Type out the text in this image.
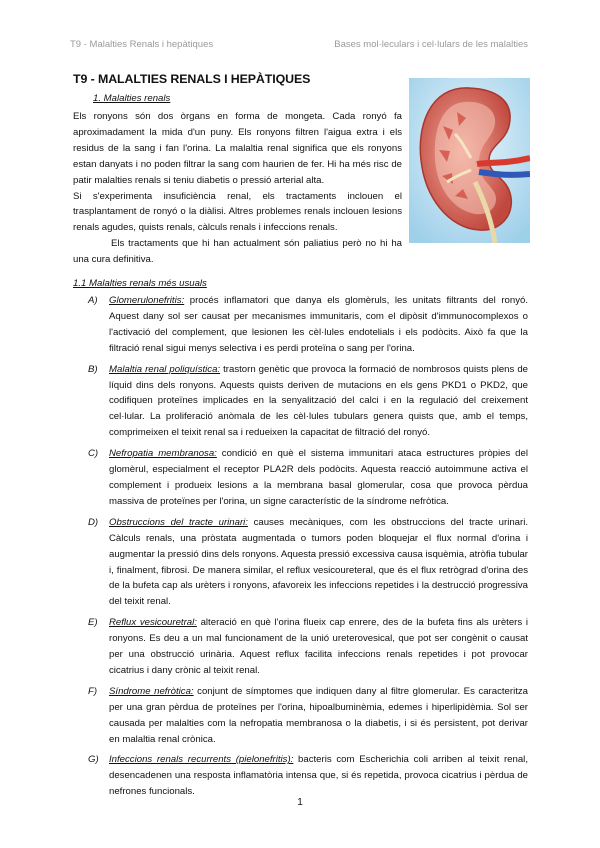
T9 - Malalties Renals i hepàtiques	Bases mol·leculars i cel·lulars de les malalties
T9 - MALALTIES RENALS I HEPÀTIQUES
1. Malalties renals

Els ronyons són dos òrgans en forma de mongeta. Cada ronyó fa aproximadament la mida d'un puny. Els ronyons filtren l'aigua extra i els residus de la sang i fan l'orina. La malaltia renal significa que els ronyons estan danyats i no poden filtrar la sang com haurien de fer. Hi ha més risc de patir malalties renals si teniu diabetis o pressió arterial alta.

Si s'experimenta insuficiència renal, els tractaments inclouen el trasplantament de ronyó o la diàlisi. Altres problemes renals inclouen lesions renals agudes, quists renals, càlculs renals i infeccions renals.

Els tractaments que hi han actualment són paliatius però no hi ha una cura definitiva.

1.1 Malalties renals més usuals
A) Glomerulonefritis: procés inflamatori que danya els glomèruls, les unitats filtrants del ronyó. Aquest dany sol ser causat per mecanismes immunitaris, com el dipòsit d'immunocomplexos o l'activació del complement, que lesionen les cèl·lules endotelials i els podòcits. Això fa que la filtració renal sigui menys selectiva i es perdi proteïna o sang per l'orina.
B) Malaltia renal poliquística: trastorn genètic que provoca la formació de nombrosos quists plens de líquid dins dels ronyons. Aquests quists deriven de mutacions en els gens PKD1 o PKD2, que codifiquen proteïnes implicades en la senyalització del calci i en la regulació del creixement cel·lular. La proliferació anòmala de les cèl·lules tubulars genera quists que, amb el temps, comprimeixen el teixit renal sa i redueixen la capacitat de filtració del ronyó.
C) Nefropatia membranosa: condició en què el sistema immunitari ataca estructures pròpies del glomèrul, especialment el receptor PLA2R dels podòcits. Aquesta reacció autoimmune activa el complement i produeix lesions a la membrana basal glomerular, cosa que provoca pèrdua massiva de proteïnes per l'orina, un signe característic de la síndrome nefròtica.
D) Obstruccions del tracte urinari: causes mecàniques, com les obstruccions del tracte urinari. Càlculs renals, una pròstata augmentada o tumors poden bloquejar el flux normal d'orina i augmentar la pressió dins dels ronyons. Aquesta pressió excessiva causa isquèmia, atròfia tubular i, finalment, fibrosi. De manera similar, el reflux vesicoureteral, que és el flux retrògrad d'orina des de la bufeta cap als urèters i ronyons, afavoreix les infeccions repetides i la destrucció progressiva del teixit renal.
E) Reflux vesicouretral: alteració en què l'orina flueix cap enrere, des de la bufeta fins als urèters i ronyons. Es deu a un mal funcionament de la unió ureterovesical, que pot ser congènit o causat per una obstrucció urinària. Aquest reflux facilita infeccions renals repetides i pot provocar cicatrius i dany crònic al teixit renal.
F) Síndrome nefròtica: conjunt de símptomes que indiquen dany al filtre glomerular. Es caracteritza per una gran pèrdua de proteïnes per l'orina, hipoalbuminèmia, edemes i hiperlipidèmia. Sol ser causada per malalties com la nefropatia membranosa o la diabetis, i si és persistent, pot derivar en malaltia renal crònica.
G) Infeccions renals recurrents (pielonefritis): bacteris com Escherichia coli arriben al teixit renal, desencadenen una resposta inflamatòria intensa que, si és repetida, provoca cicatrius i pèrdua de nefrones funcionals.
1
